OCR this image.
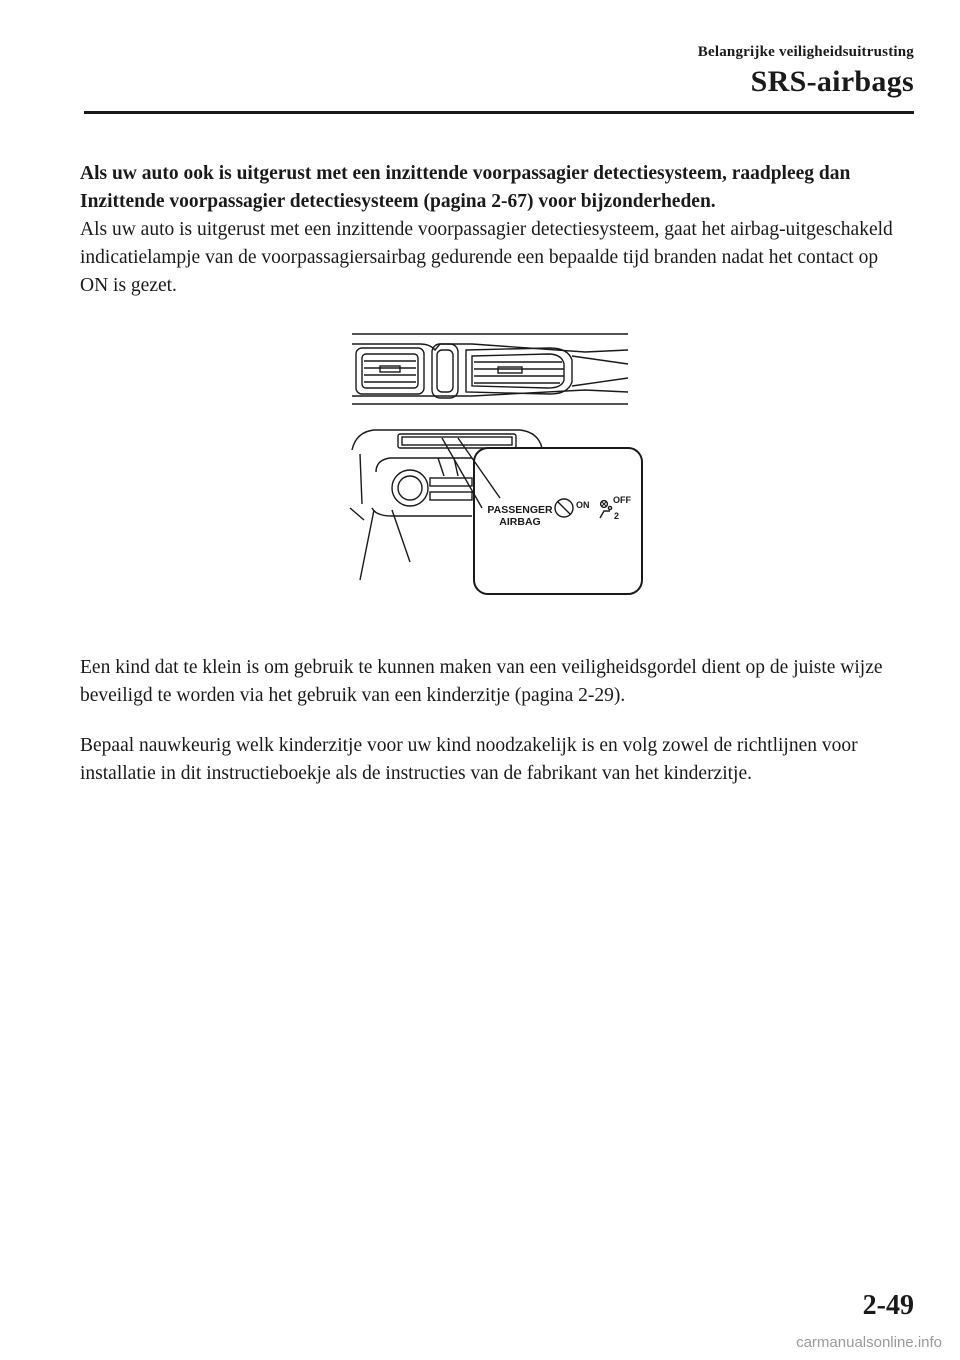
Belangrijke veiligheidsuitrusting
SRS-airbags

Als uw auto ook is uitgerust met een inzittende voorpassagier detectiesysteem, raadpleeg dan Inzittende voorpassagier detectiesysteem (pagina 2-67) voor bijzonderheden.

Als uw auto is uitgerust met een inzittende voorpassagier detectiesysteem, gaat het airbag-uitgeschakeld indicatielampje van de voorpassagiersairbag gedurende een bepaalde tijd branden nadat het contact op ON is gezet.

PASSENGER
AIRBAG
ON	OFF
2

Een kind dat te klein is om gebruik te kunnen maken van een veiligheidsgordel dient op de juiste wijze beveiligd te worden via het gebruik van een kinderzitje (pagina 2-29).

Bepaal nauwkeurig welk kinderzitje voor uw kind noodzakelijk is en volg zowel de richtlijnen voor installatie in dit instructieboekje als de instructies van de fabrikant van het kinderzitje.

2-49
carmanualsonline.info
